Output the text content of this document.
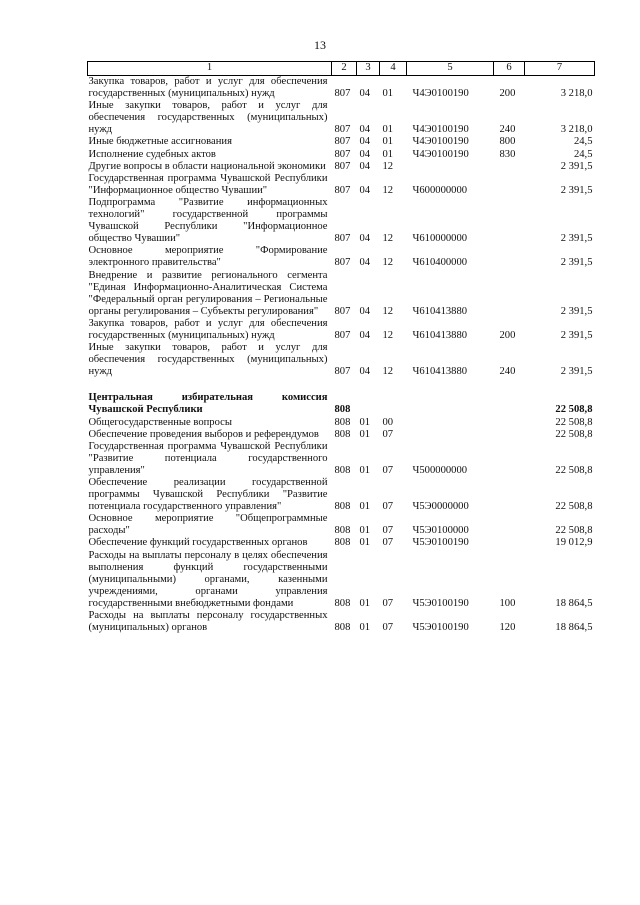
13
1	2	3	4	5	6	7
Закупка товаров, работ и услуг для обеспечения государственных (муниципальных) нужд	807	04	01	Ч4Э0100190	200	3 218,0
Иные закупки товаров, работ и услуг для обеспечения государственных (муниципальных) нужд	807	04	01	Ч4Э0100190	240	3 218,0
Иные бюджетные ассигнования	807	04	01	Ч4Э0100190	800	24,5
Исполнение судебных актов	807	04	01	Ч4Э0100190	830	24,5
Другие вопросы в области национальной экономики	807	04	12			2 391,5
Государственная программа Чувашской Республики "Информационное общество Чувашии"	807	04	12	Ч600000000		2 391,5
Подпрограмма "Развитие информационных технологий" государственной программы Чувашской Республики "Информационное общество Чувашии"	807	04	12	Ч610000000		2 391,5
Основное мероприятие "Формирование электронного правительства"	807	04	12	Ч610400000		2 391,5
Внедрение и развитие регионального сегмента "Единая Информационно-Аналитическая Система "Федеральный орган регулирования – Региональные органы регулирования – Субъекты регулирования"	807	04	12	Ч610413880		2 391,5
Закупка товаров, работ и услуг для обеспечения государственных (муниципальных) нужд	807	04	12	Ч610413880	200	2 391,5
Иные закупки товаров, работ и услуг для обеспечения государственных (муниципальных) нужд	807	04	12	Ч610413880	240	2 391,5

Центральная избирательная комиссия Чувашской Республики	808					22 508,8
Общегосударственные вопросы	808	01	00			22 508,8
Обеспечение проведения выборов и референдумов	808	01	07			22 508,8
Государственная программа Чувашской Республики "Развитие потенциала государственного управления"	808	01	07	Ч500000000		22 508,8
Обеспечение реализации государственной программы Чувашской Республики "Развитие потенциала государственного управления"	808	01	07	Ч5Э0000000		22 508,8
Основное мероприятие "Общепрограммные расходы"	808	01	07	Ч5Э0100000		22 508,8
Обеспечение функций государственных органов	808	01	07	Ч5Э0100190		19 012,9
Расходы на выплаты персоналу в целях обеспечения выполнения функций государственными (муниципальными) органами, казенными учреждениями, органами управления государственными внебюджетными фондами	808	01	07	Ч5Э0100190	100	18 864,5
Расходы на выплаты персоналу государственных (муниципальных) органов	808	01	07	Ч5Э0100190	120	18 864,5
